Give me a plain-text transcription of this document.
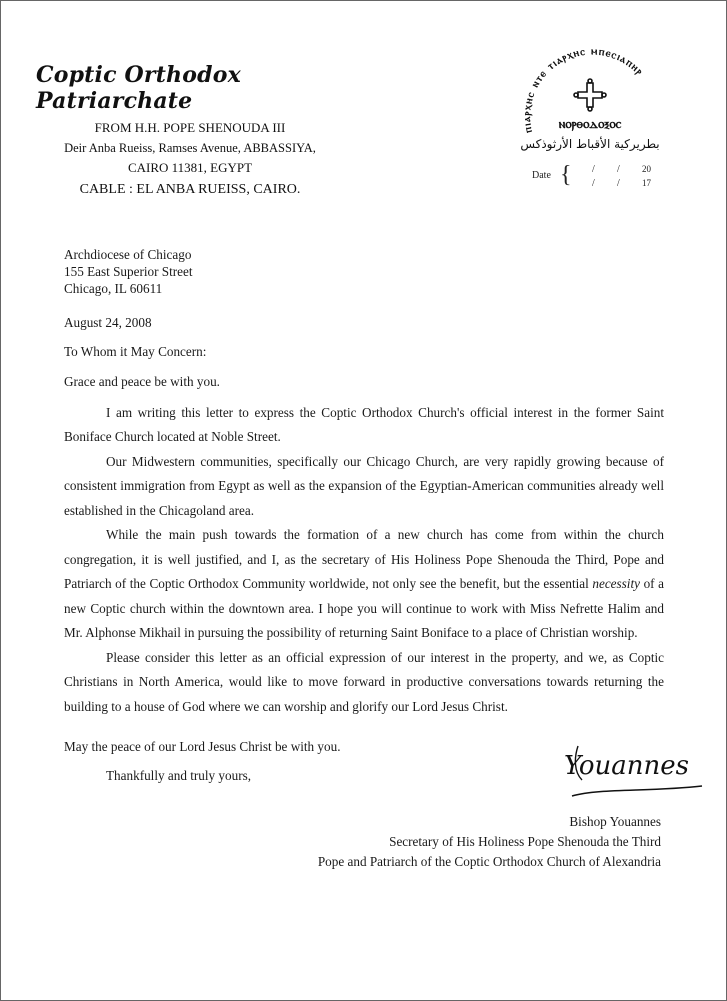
Coptic Orthodox Patriarchate
FROM H.H. POPE SHENOUDA III
Deir Anba Rueiss, Ramses Avenue, ABBASSIYA,
CAIRO 11381, EGYPT
CABLE : EL ANBA RUEISS, CAIRO.
ⲡⲓⲁⲣⲭⲏⲥ ⲛⲧⲉ ⲧⲓⲁⲣⲭⲏⲥ ⲙⲡⲉⲥⲓⲁⲡⲏⲣ
ⲛⲟⲣⲑⲟⲇⲟⲝⲟⲥ
بطريركية الأقباط الأرثوذكس
Date { / /
/ /
20
17
Archdiocese of Chicago
155 East Superior Street
Chicago, IL 60611

August 24, 2008

To Whom it May Concern:

Grace and peace be with you.

I am writing this letter to express the Coptic Orthodox Church's official interest in the former Saint Boniface Church located at Noble Street.

Our Midwestern communities, specifically our Chicago Church, are very rapidly growing because of consistent immigration from Egypt as well as the expansion of the Egyptian-American communities already well established in the Chicagoland area.

While the main push towards the formation of a new church has come from within the church congregation, it is well justified, and I, as the secretary of His Holiness Pope Shenouda the Third, Pope and Patriarch of the Coptic Orthodox Community worldwide, not only see the benefit, but the essential necessity of a new Coptic church within the downtown area. I hope you will continue to work with Miss Nefrette Halim and Mr. Alphonse Mikhail in pursuing the possibility of returning Saint Boniface to a place of Christian worship.

Please consider this letter as an official expression of our interest in the property, and we, as Coptic Christians in North America, would like to move forward in productive conversations towards returning the building to a house of God where we can worship and glorify our Lord Jesus Christ.

May the peace of our Lord Jesus Christ be with you.

Thankfully and truly yours,	Youannes
Bishop Youannes
Secretary of His Holiness Pope Shenouda the Third
Pope and Patriarch of the Coptic Orthodox Church of Alexandria
